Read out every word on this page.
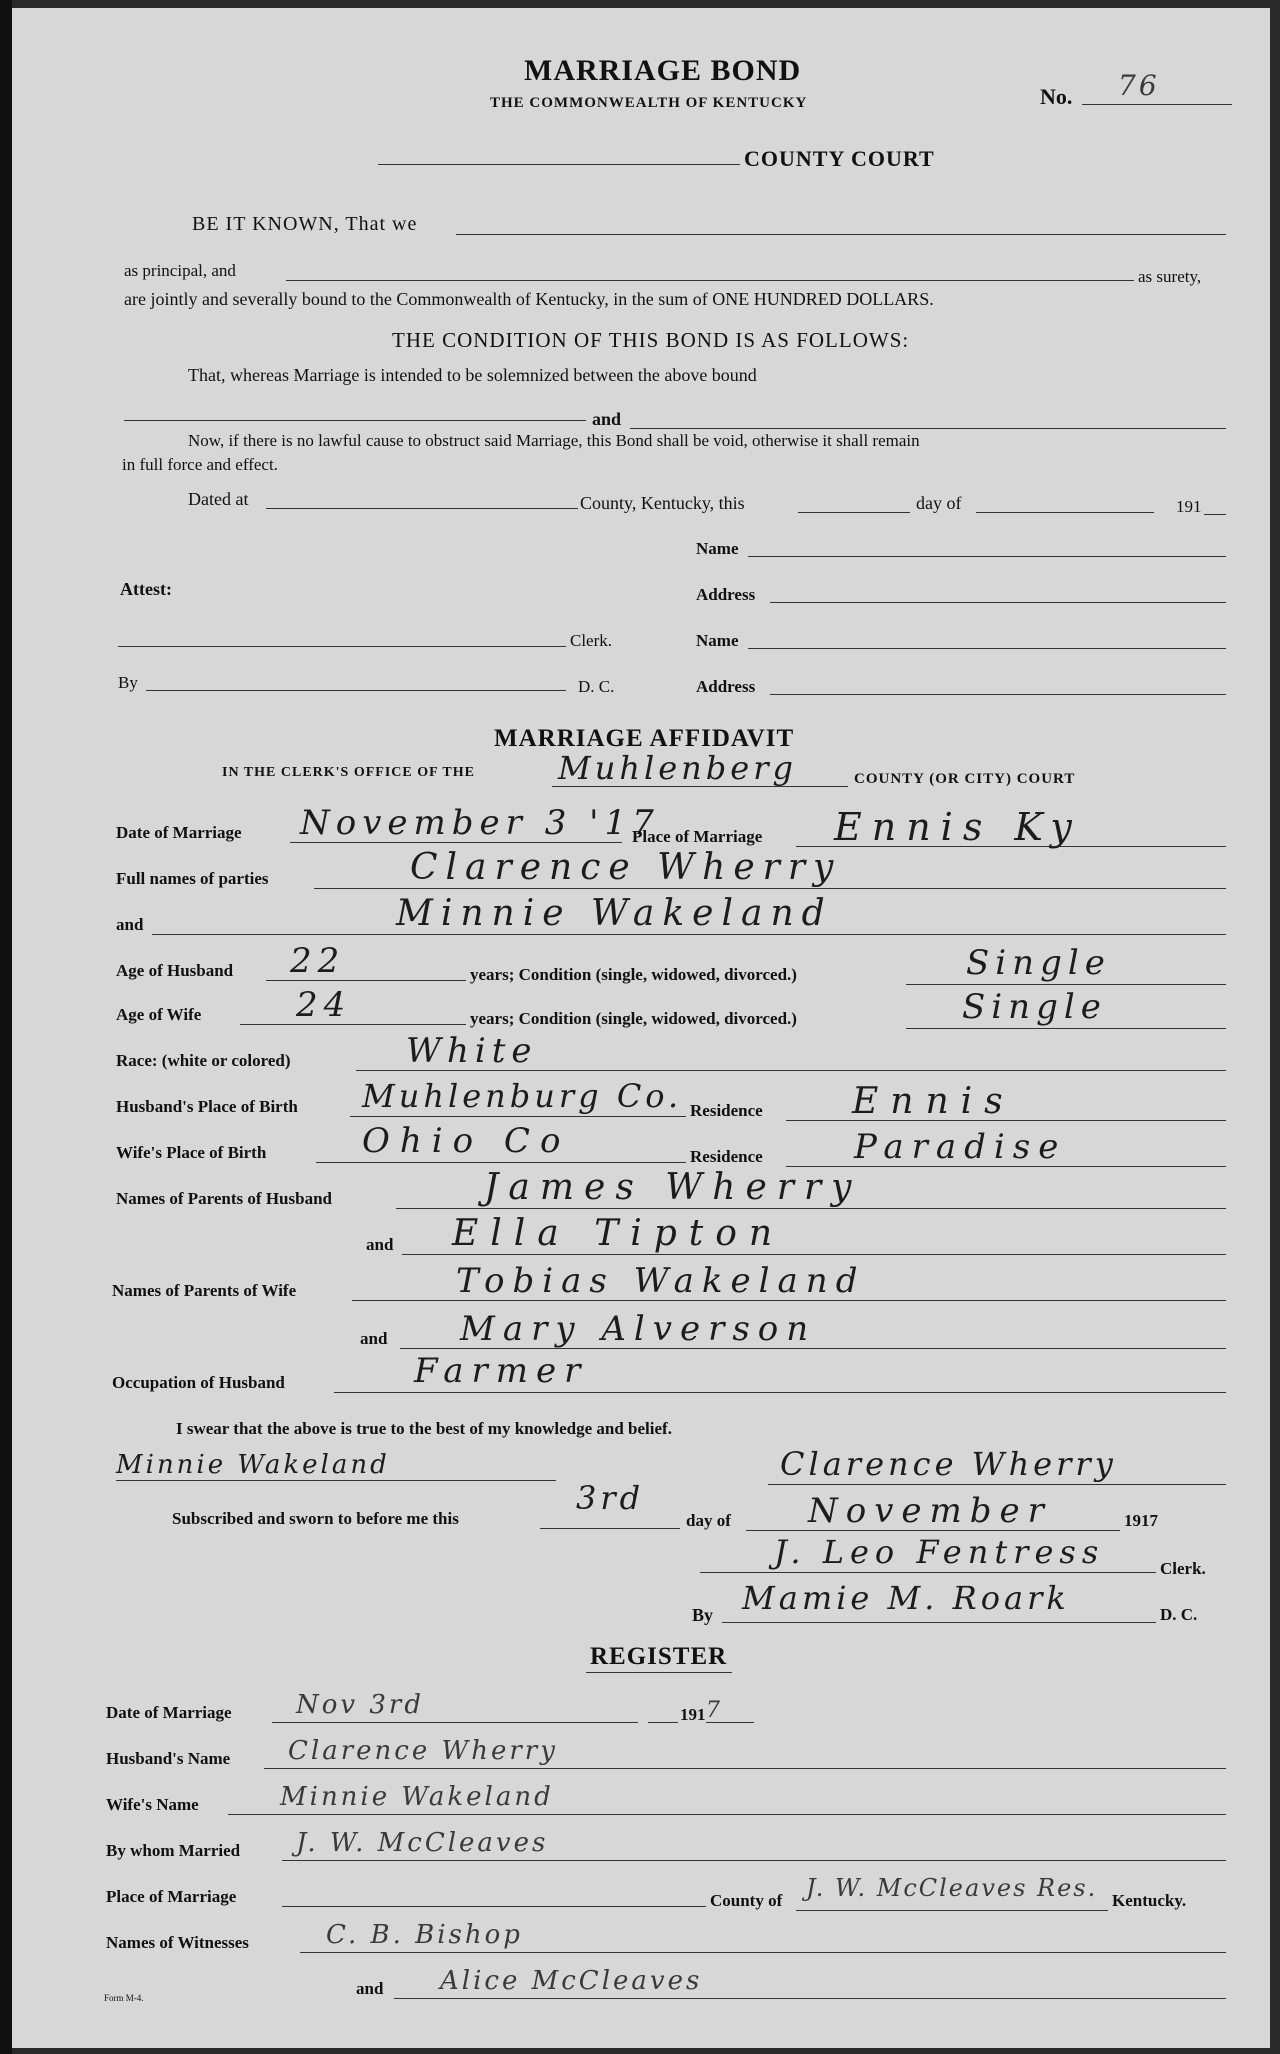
MARRIAGE BOND
THE COMMONWEALTH OF KENTUCKY	No. 76
COUNTY COURT
BE IT KNOWN, That we
as principal, and	as surety,
are jointly and severally bound to the Commonwealth of Kentucky, in the sum of ONE HUNDRED DOLLARS.
THE CONDITION OF THIS BOND IS AS FOLLOWS:
That, whereas Marriage is intended to be solemnized between the above bound
and
Now, if there is no lawful cause to obstruct said Marriage, this Bond shall be void, otherwise it shall remain
in full force and effect.
Dated at	County, Kentucky, this	day of	191
Name
Attest:	Address
Clerk.	Name
By	D. C.	Address
MARRIAGE AFFIDAVIT
IN THE CLERK'S OFFICE OF THE	Muhlenberg	COUNTY (OR CITY) COURT
Date of Marriage November 3 '17
Place of Marriage Ennis Ky
Full names of parties	Clarence Wherry
and	Minnie Wakeland
Age of Husband 22	years; Condition (single, widowed, divorced.)	Single
Age of Wife	24	years; Condition (single, widowed, divorced.)	Single
Race: (white or colored)	White
Husband's Place of Birth Muhlenburg Co. Residence Ennis
Wife's Place of Birth	Ohio Co	Residence	Paradise
Names of Parents of Husband	James Wherry
and Ella Tipton
Names of Parents of Wife	Tobias Wakeland
and Mary Alverson
Occupation of Husband	Farmer
I swear that the above is true to the best of my knowledge and belief.
Minnie Wakeland	Clarence Wherry
Subscribed and sworn to before me this
3rd
day of November	1917
J. Leo Fentress	Clerk.
By Mamie M. Roark	D. C.
REGISTER
Date of Marriage Nov 3rd	191 7
Husband's Name Clarence Wherry
Wife's Name	Minnie Wakeland
By whom Married J. W. McCleaves
Place of Marriage	County of J. W. McCleaves Res. Kentucky.
Names of Witnesses	C. B. Bishop
Form M-4.	and Alice McCleaves
